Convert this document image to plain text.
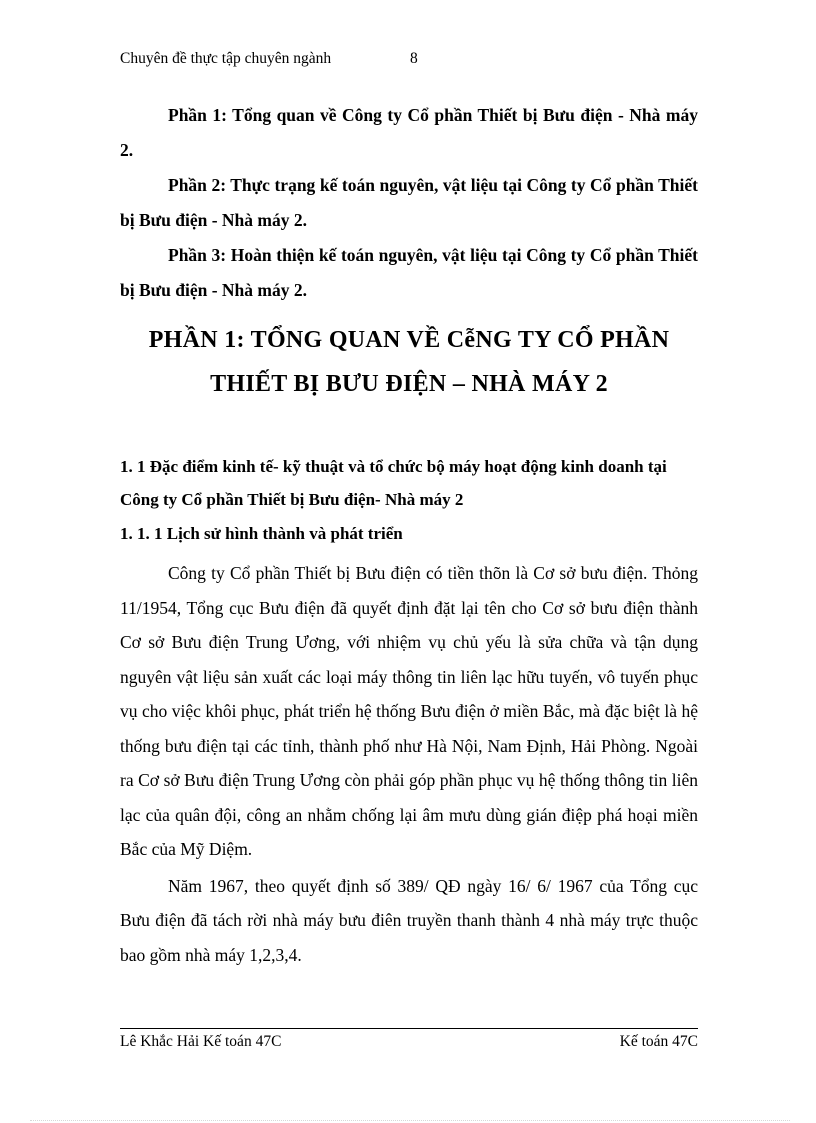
Chuyên đề thực tập chuyên ngành	8

Phần 1: Tổng quan về Công ty Cổ phần Thiết bị Bưu điện - Nhà máy 2.

Phần 2: Thực trạng kế toán nguyên, vật liệu tại Công ty Cổ phần Thiết bị Bưu điện - Nhà máy 2.

Phần 3: Hoàn thiện kế toán nguyên, vật liệu tại Công ty Cổ phần Thiết bị Bưu điện - Nhà máy 2.

PHẦN 1: TỔNG QUAN VỀ CễNG TY CỔ PHẦN
THIẾT BỊ BƯU ĐIỆN – NHÀ MÁY 2
1. 1 Đặc điểm kinh tế- kỹ thuật và tổ chức bộ máy hoạt động kinh doanh tại Công ty Cổ phần Thiết bị Bưu điện- Nhà máy 2
1. 1. 1 Lịch sử hình thành và phát triển

Công ty Cổ phần Thiết bị Bưu điện có tiền thõn là Cơ sở bưu điện. Thỏng 11/1954, Tổng cục Bưu điện đã quyết định đặt lại tên cho Cơ sở bưu điện thành Cơ sở Bưu điện Trung Ương, với nhiệm vụ chủ yếu là sửa chữa và tận dụng nguyên vật liệu sản xuất các loại máy thông tin liên lạc hữu tuyến, vô tuyến phục vụ cho việc khôi phục, phát triển hệ thống Bưu điện ở miền Bắc, mà đặc biệt là hệ thống bưu điện tại các tỉnh, thành phố như Hà Nội, Nam Định, Hải Phòng. Ngoài ra Cơ sở Bưu điện Trung Ương còn phải góp phần phục vụ hệ thống thông tin liên lạc của quân đội, công an nhằm chống lại âm mưu dùng gián điệp phá hoại miền Bắc của Mỹ Diệm.

Năm 1967, theo quyết định số 389/ QĐ ngày 16/ 6/ 1967 của Tổng cục Bưu điện đã tách rời nhà máy bưu điên truyền thanh thành 4 nhà máy trực thuộc bao gồm nhà máy 1,2,3,4.

Lê Khắc Hải Kế toán 47C	Kế toán 47C
